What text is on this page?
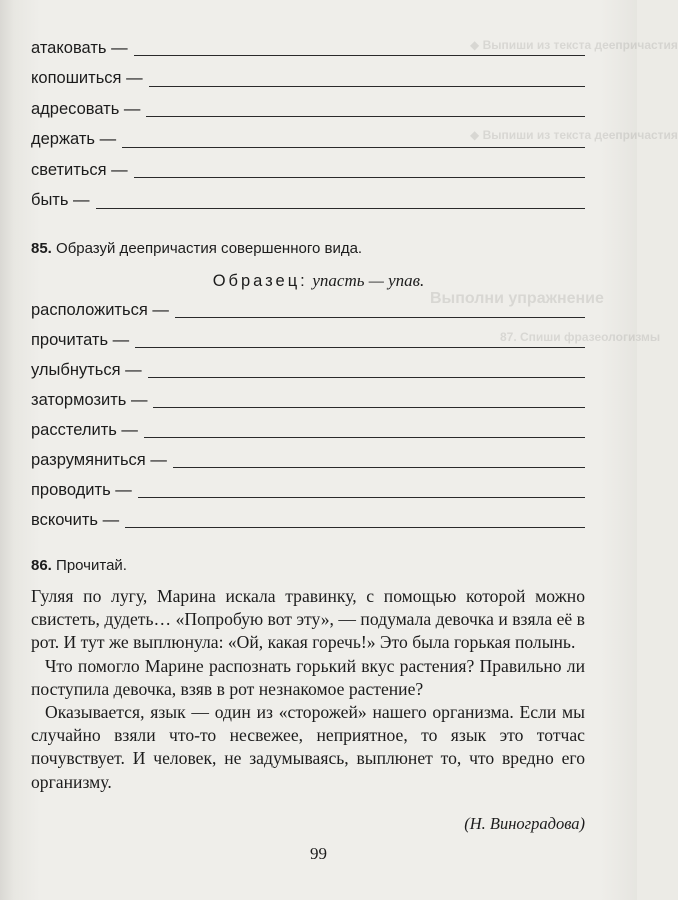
◆ Выпиши из текста деепричастия
◆ Выпиши из текста деепричастия
Выполни упражнение
87. Спиши фразеологизмы
атаковать —
копошиться —
адресовать —
держать —
светиться —
быть —
85. Образуй деепричастия совершенного вида.
Образец: упасть — упав.
расположиться —
прочитать —
улыбнуться —
затормозить —
расстелить —
разрумяниться —
проводить —
вскочить —
86. Прочитай.

Гуляя по лугу, Марина искала травинку, с помощью которой можно свистеть, дудеть… «Попробую вот эту», — подумала девочка и взяла её в рот. И тут же выплюнула: «Ой, какая горечь!» Это была горькая полынь.

Что помогло Марине распознать горький вкус растения? Правильно ли поступила девочка, взяв в рот незнакомое растение?

Оказывается, язык — один из «сторожей» нашего организма. Если мы случайно взяли что-то несвежее, неприятное, то язык это тотчас почувствует. И человек, не задумываясь, выплюнет то, что вредно его организму.

(Н. Виноградова)
99
